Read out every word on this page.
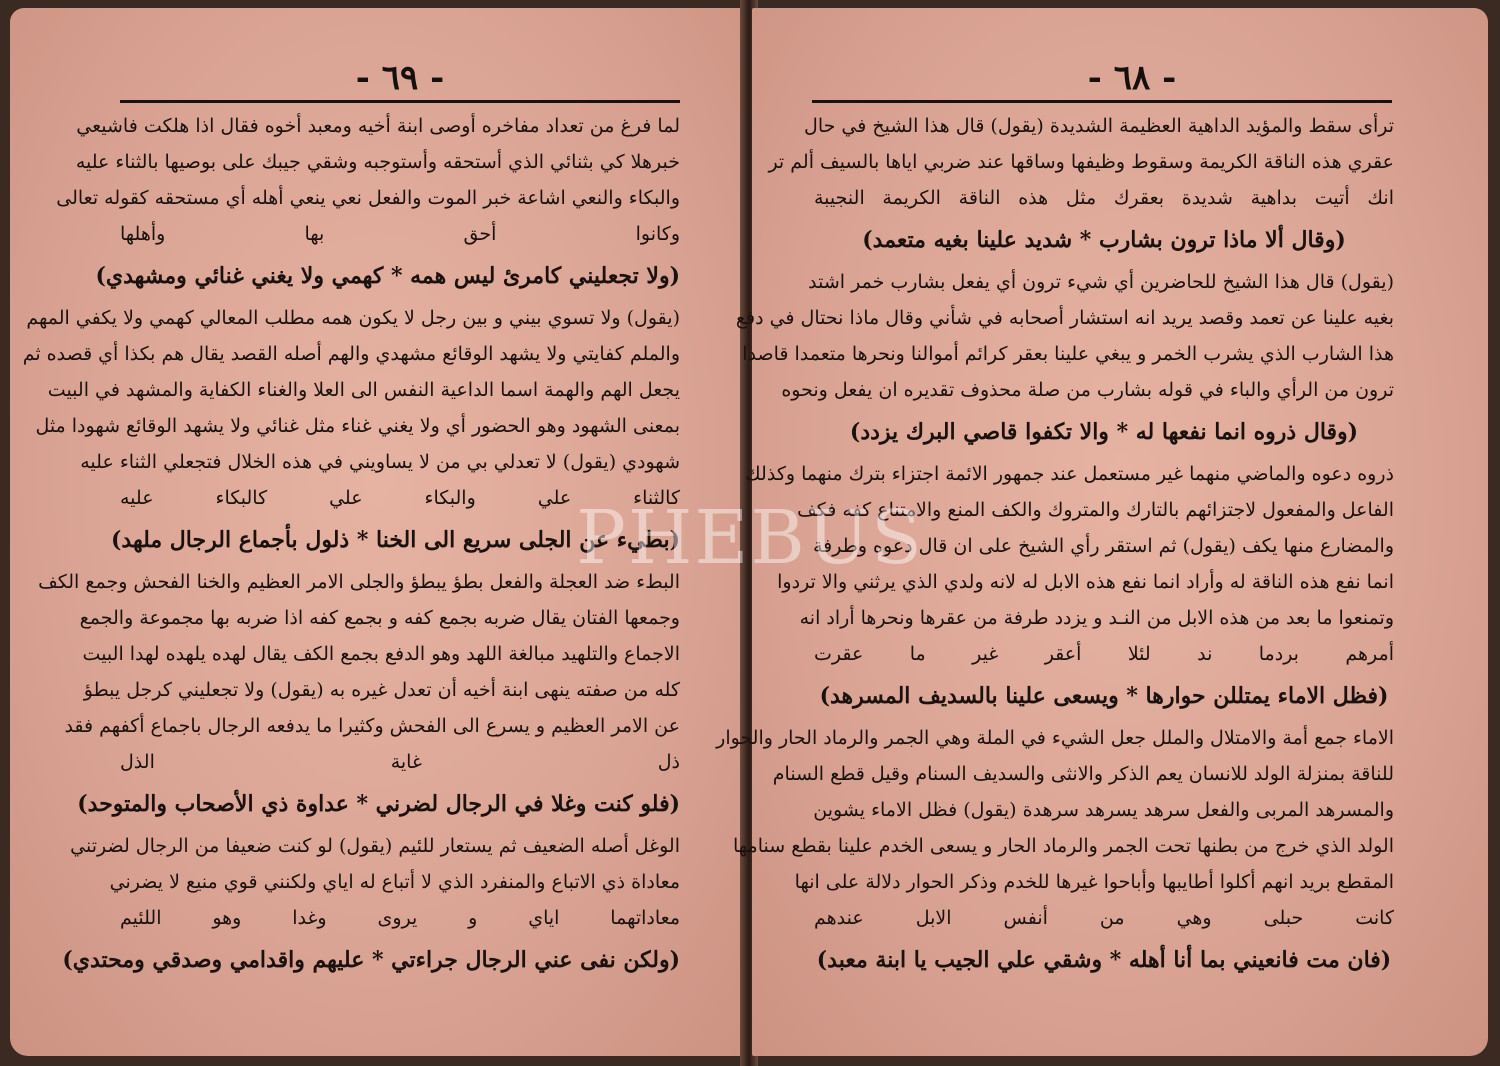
- ٦٩ -

لما فرغ من تعداد مفاخره أوصى ابنة أخيه ومعبد أخوه فقال اذا هلكت فاشيعي

خبرهلا كي بثنائي الذي أستحقه وأستوجبه وشقي جيبك على بوصيها بالثناء عليه

والبكاء والنعي اشاعة خبر الموت والفعل نعي ينعي أهله أي مستحقه كقوله تعالى

وكانوا أحق بها وأهلها

(ولا تجعليني كامرئ ليس همه * كهمي ولا يغني غنائي ومشهدي)

(يقول) ولا تسوي بيني و بين رجل لا يكون همه مطلب المعالي كهمي ولا يكفي المهم

والملم كفايتي ولا يشهد الوقائع مشهدي والهم أصله القصد يقال هم بكذا أي قصده ثم

يجعل الهم والهمة اسما الداعية النفس الى العلا والغناء الكفاية والمشهد في البيت

بمعنى الشهود وهو الحضور أي ولا يغني غناء مثل غنائي ولا يشهد الوقائع شهودا مثل

شهودي (يقول) لا تعدلي بي من لا يساويني في هذه الخلال فتجعلي الثناء عليه

كالثناء علي والبكاء علي كالبكاء عليه

(بطيء عن الجلى سريع الى الخنا * ذلول بأجماع الرجال ملهد)

البطء ضد العجلة والفعل بطؤ يبطؤ والجلى الامر العظيم والخنا الفحش وجمع الكف

وجمعها الفتان يقال ضربه بجمع كفه و بجمع كفه اذا ضربه بها مجموعة والجمع

الاجماع والتلهيد مبالغة اللهد وهو الدفع بجمع الكف يقال لهده يلهده لهدا البيت

كله من صفته ينهى ابنة أخيه أن تعدل غيره به (يقول) ولا تجعليني كرجل يبطؤ

عن الامر العظيم و يسرع الى الفحش وكثيرا ما يدفعه الرجال باجماع أكفهم فقد

ذل غاية الذل

(فلو كنت وغلا في الرجال لضرني * عداوة ذي الأصحاب والمتوحد)

الوغل أصله الضعيف ثم يستعار للئيم (يقول) لو كنت ضعيفا من الرجال لضرتني

معاداة ذي الاتباع والمنفرد الذي لا أتباع له اياي ولكنني قوي منيع لا يضرني

معاداتهما اياي و يروى وغدا وهو اللئيم

(ولكن نفى عني الرجال جراءتي * عليهم واقدامي وصدقي ومحتدي)

- ٦٨ -

ترأى سقط والمؤيد الداهية العظيمة الشديدة (يقول) قال هذا الشيخ في حال

عقري هذه الناقة الكريمة وسقوط وظيفها وساقها عند ضربي اياها بالسيف ألم تر

انك أتيت بداهية شديدة بعقرك مثل هذه الناقة الكريمة النجيبة

(وقال ألا ماذا ترون بشارب * شديد علينا بغيه متعمد)

(يقول) قال هذا الشيخ للحاضرين أي شيء ترون أي يفعل بشارب خمر اشتد

بغيه علينا عن تعمد وقصد يريد انه استشار أصحابه في شأني وقال ماذا نحتال في دفع

هذا الشارب الذي يشرب الخمر و يبغي علينا بعقر كرائم أموالنا ونحرها متعمدا قاصدا

ترون من الرأي والباء في قوله بشارب من صلة محذوف تقديره ان يفعل ونحوه

(وقال ذروه انما نفعها له * والا تكفوا قاصي البرك يزدد)

ذروه دعوه والماضي منهما غير مستعمل عند جمهور الائمة اجتزاء بترك منهما وكذلك

الفاعل والمفعول لاجتزائهم بالتارك والمتروك والكف المنع والامتناع كفه فكف

والمضارع منها يكف (يقول) ثم استقر رأي الشيخ على ان قال دعوه وطرفة

انما نفع هذه الناقة له وأراد انما نفع هذه الابل له لانه ولدي الذي يرثني والا تردوا

وتمنعوا ما بعد من هذه الابل من النـد و يزدد طرفة من عقرها ونحرها أراد انه

أمرهم بردما ند لئلا أعقر غير ما عقرت

(فظل الاماء يمتللن حوارها * ويسعى علينا بالسديف المسرهد)

الاماء جمع أمة والامتلال والملل جعل الشيء في الملة وهي الجمر والرماد الحار والحوار

للناقة بمنزلة الولد للانسان يعم الذكر والانثى والسديف السنام وقيل قطع السنام

والمسرهد المربى والفعل سرهد يسرهد سرهدة (يقول) فظل الاماء يشوين

الولد الذي خرج من بطنها تحت الجمر والرماد الحار و يسعى الخدم علينا بقطع سنامها

المقطع بريد انهم أكلوا أطايبها وأباحوا غيرها للخدم وذكر الحوار دلالة على انها

كانت حبلى وهي من أنفس الابل عندهم

(فان مت فانعيني بما أنا أهله * وشقي علي الجيب يا ابنة معبد)

PHEBUS
